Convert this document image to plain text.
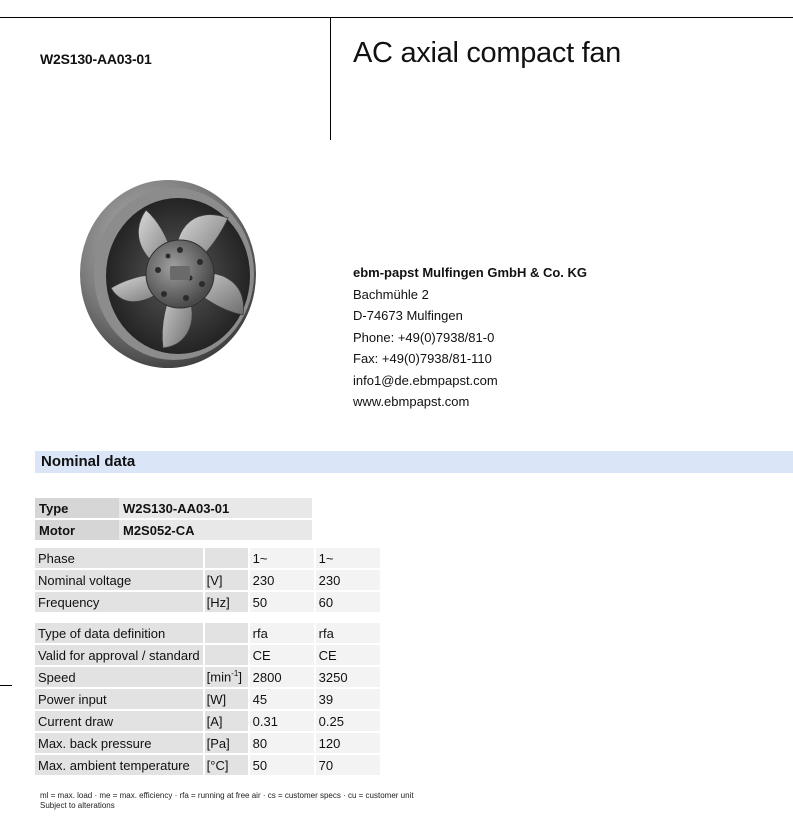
W2S130-AA03-01	AC axial compact fan
ebm-papst Mulfingen GmbH & Co. KG
Bachmühle 2
D-74673 Mulfingen
Phone: +49(0)7938/81-0
Fax: +49(0)7938/81-110
info1@de.ebmpapst.com
www.ebmpapst.com
Nominal data
Type	W2S130-AA03-01
Motor	M2S052-CA
Phase		1~	1~
Nominal voltage	[V]	230	230
Frequency	[Hz]	50	60

Type of data definition		rfa	rfa
Valid for approval / standard		CE	CE
Speed	$[\min^{-1}]$	2800	3250
Power input	[W]	45	39
Current draw	[A]	0.31	0.25
Max. back pressure	[Pa]	80	120
Max. ambient temperature	[°C]	50	70
ml = max. load · me = max. efficiency · rfa = running at free air · cs = customer specs · cu = customer unit
Subject to alterations
